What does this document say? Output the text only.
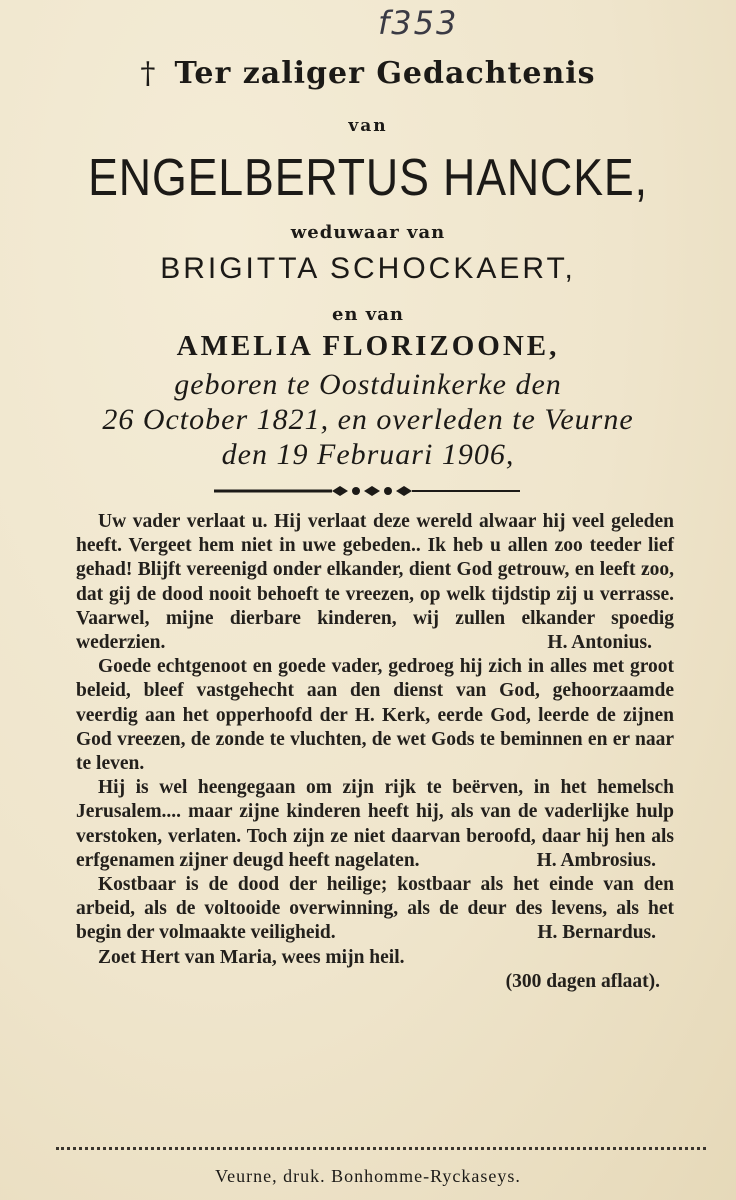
f353
† Ter zaliger Gedachtenis
van
ENGELBERTUS HANCKE,
weduwaar van
BRIGITTA SCHOCKAERT,
en van
AMELIA FLORIZOONE,
geboren te Oostduinkerke den
26 October 1821, en overleden te Veurne
den 19 Februari 1906,

Uw vader verlaat u. Hij verlaat deze wereld alwaar hij veel geleden heeft. Vergeet hem niet in uwe gebeden.. Ik heb u allen zoo teeder lief gehad! Blijft vereenigd onder elkander, dient God getrouw, en leeft zoo, dat gij de dood nooit behoeft te vreezen, op welk tijdstip zij u verrasse. Vaarwel, mijne dierbare kinderen, wij zullen elkander spoedig wederzien.	H. Antonius.

Goede echtgenoot en goede vader, gedroeg hij zich in alles met groot beleid, bleef vastgehecht aan den dienst van God, gehoorzaamde veerdig aan het opperhoofd der H. Kerk, eerde God, leerde de zijnen God vreezen, de zonde te vluchten, de wet Gods te beminnen en er naar te leven.

Hij is wel heengegaan om zijn rijk te beërven, in het hemelsch Jerusalem.... maar zijne kinderen heeft hij, als van de vaderlijke hulp verstoken, verlaten. Toch zijn ze niet daarvan beroofd, daar hij hen als erfgenamen zijner deugd heeft nagelaten.	H. Ambrosius.

Kostbaar is de dood der heilige; kostbaar als het einde van den arbeid, als de voltooide overwinning, als de deur des levens, als het begin der volmaakte veiligheid.	H. Bernardus.

Zoet Hert van Maria, wees mijn heil.

(300 dagen aflaat).
Veurne, druk. Bonhomme-Ryckaseys.
